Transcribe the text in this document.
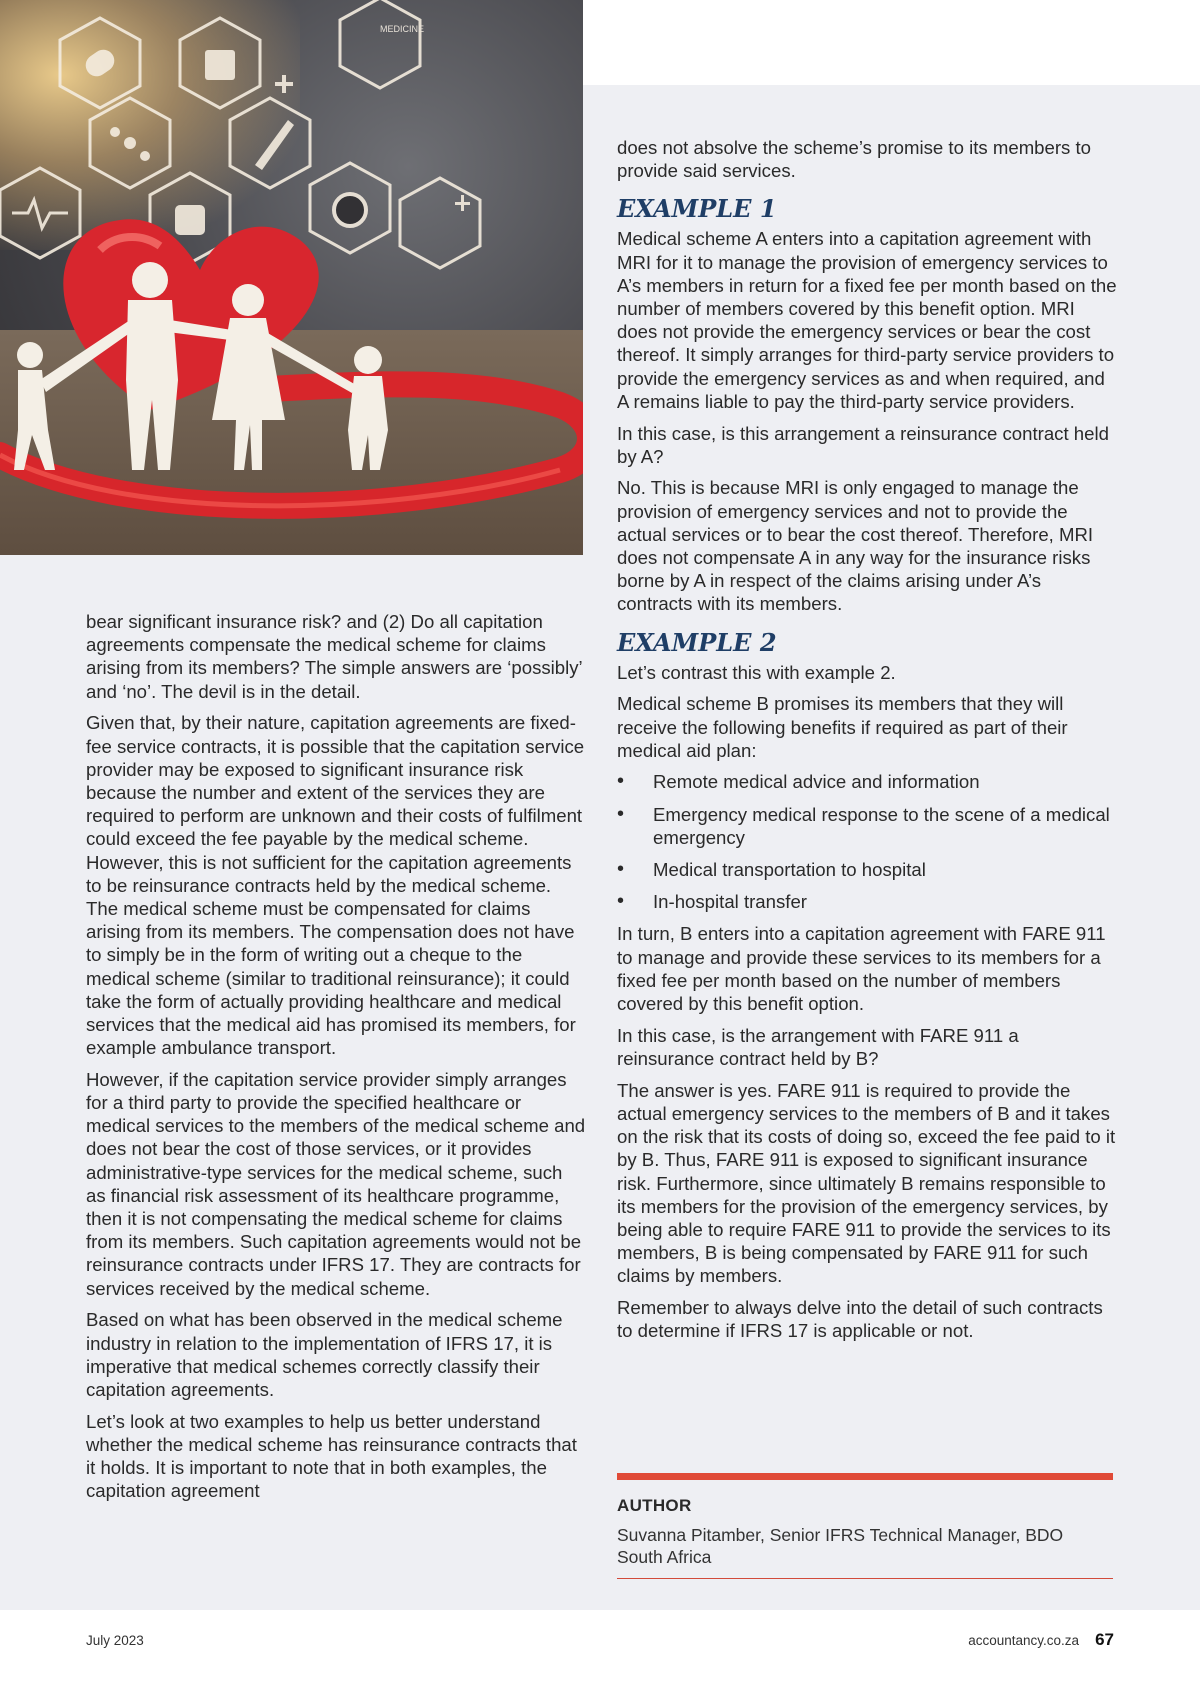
MEDICINE

bear significant insurance risk? and (2) Do all capitation agreements compensate the medical scheme for claims arising from its members? The simple answers are ‘possibly’ and ‘no’. The devil is in the detail.

Given that, by their nature, capitation agreements are fixed-fee service contracts, it is possible that the capitation service provider may be exposed to significant insurance risk because the number and extent of the services they are required to perform are unknown and their costs of fulfilment could exceed the fee payable by the medical scheme. However, this is not sufficient for the capitation agreements to be reinsurance contracts held by the medical scheme. The medical scheme must be compensated for claims arising from its members. The compensation does not have to simply be in the form of writing out a cheque to the medical scheme (similar to traditional reinsurance); it could take the form of actually providing healthcare and medical services that the medical aid has promised its members, for example ambulance transport.

However, if the capitation service provider simply arranges for a third party to provide the specified healthcare or medical services to the members of the medical scheme and does not bear the cost of those services, or it provides administrative-type services for the medical scheme, such as financial risk assessment of its healthcare programme, then it is not compensating the medical scheme for claims from its members. Such capitation agreements would not be reinsurance contracts under IFRS 17. They are contracts for services received by the medical scheme.

Based on what has been observed in the medical scheme industry in relation to the implementation of IFRS 17, it is imperative that medical schemes correctly classify their capitation agreements.

Let’s look at two examples to help us better understand whether the medical scheme has reinsurance contracts that it holds. It is important to note that in both examples, the capitation agreement

does not absolve the scheme’s promise to its members to provide said services.

EXAMPLE 1

Medical scheme A enters into a capitation agreement with MRI for it to manage the provision of emergency services to A’s members in return for a fixed fee per month based on the number of members covered by this benefit option. MRI does not provide the emergency services or bear the cost thereof. It simply arranges for third-party service providers to provide the emergency services as and when required, and A remains liable to pay the third-party service providers.

In this case, is this arrangement a reinsurance contract held by A?

No. This is because MRI is only engaged to manage the provision of emergency services and not to provide the actual services or to bear the cost thereof. Therefore, MRI does not compensate A in any way for the insurance risks borne by A in respect of the claims arising under A’s contracts with its members.

EXAMPLE 2

Let’s contrast this with example 2.

Medical scheme B promises its members that they will receive the following benefits if required as part of their medical aid plan:

• Remote medical advice and information
• Emergency medical response to the scene of a medical emergency
• Medical transportation to hospital
• In-hospital transfer

In turn, B enters into a capitation agreement with FARE 911 to manage and provide these services to its members for a fixed fee per month based on the number of members covered by this benefit option.

In this case, is the arrangement with FARE 911 a reinsurance contract held by B?

The answer is yes. FARE 911 is required to provide the actual emergency services to the members of B and it takes on the risk that its costs of doing so, exceed the fee paid to it by B. Thus, FARE 911 is exposed to significant insurance risk. Furthermore, since ultimately B remains responsible to its members for the provision of the emergency services, by being able to require FARE 911 to provide the services to its members, B is being compensated by FARE 911 for such claims by members.

Remember to always delve into the detail of such contracts to determine if IFRS 17 is applicable or not.

AUTHOR
Suvanna Pitamber, Senior IFRS Technical Manager, BDO South Africa
July 2023	accountancy.co.za 67
